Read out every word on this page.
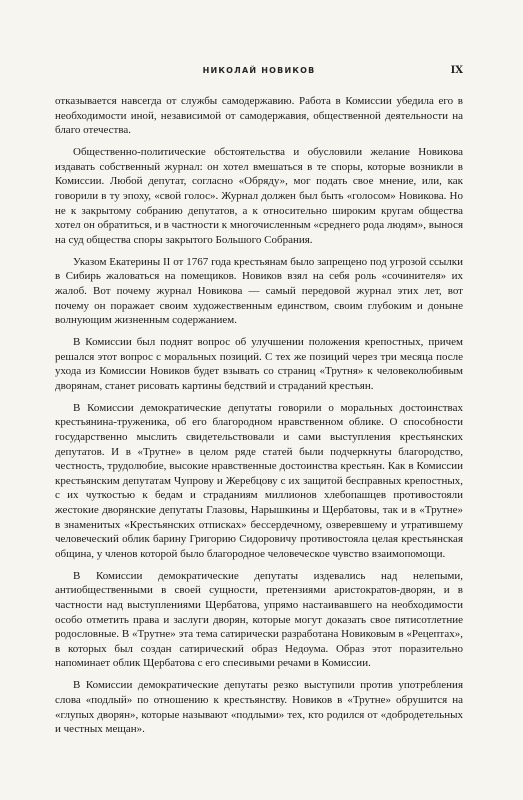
НИКОЛАЙ НОВИКОВ	IX

отказывается навсегда от службы самодержавию. Работа в Комиссии убедила его в необходимости иной, независимой от самодержавия, общественной деятельности на благо отечества.

Общественно-политические обстоятельства и обусловили желание Новикова издавать собственный журнал: он хотел вмешаться в те споры, которые возникли в Комиссии. Любой депутат, согласно «Обряду», мог подать свое мнение, или, как говорили в ту эпоху, «свой голос». Журнал должен был быть «голосом» Новикова. Но не к закрытому собранию депутатов, а к относительно широким кругам общества хотел он обратиться, и в частности к многочисленным «среднего рода людям», вынося на суд общества споры закрытого Большого Собрания.

Указом Екатерины II от 1767 года крестьянам было запрещено под угрозой ссылки в Сибирь жаловаться на помещиков. Новиков взял на себя роль «сочинителя» их жалоб. Вот почему журнал Новикова — самый передовой журнал этих лет, вот почему он поражает своим художественным единством, своим глубоким и доныне волнующим жизненным содержанием.

В Комиссии был поднят вопрос об улучшении положения крепостных, причем решался этот вопрос с моральных позиций. С тех же позиций через три месяца после ухода из Комиссии Новиков будет взывать со страниц «Трутня» к человеколюбивым дворянам, станет рисовать картины бедствий и страданий крестьян.

В Комиссии демократические депутаты говорили о моральных достоинствах крестьянина-труженика, об его благородном нравственном облике. О способности государственно мыслить свидетельствовали и сами выступления крестьянских депутатов. И в «Трутне» в целом ряде статей были подчеркнуты благородство, честность, трудолюбие, высокие нравственные достоинства крестьян. Как в Комиссии крестьянским депутатам Чупрову и Жеребцову с их защитой бесправных крепостных, с их чуткостью к бедам и страданиям миллионов хлебопашцев противостояли жестокие дворянские депутаты Глазовы, Нарышкины и Щербатовы, так и в «Трутне» в знаменитых «Крестьянских отписках» бессердечному, озверевшему и утратившему человеческий облик барину Григорию Сидоровичу противостояла целая крестьянская община, у членов которой было благородное человеческое чувство взаимопомощи.

В Комиссии демократические депутаты издевались над нелепыми, антиобщественными в своей сущности, претензиями аристократов-дворян, и в частности над выступлениями Щербатова, упрямо настаивавшего на необходимости особо отметить права и заслуги дворян, которые могут доказать свое пятисотлетние родословные. В «Трутне» эта тема сатирически разработана Новиковым в «Рецептах», в которых был создан сатирический образ Недоума. Образ этот поразительно напоминает облик Щербатова с его спесивыми речами в Комиссии.

В Комиссии демократические депутаты резко выступили против употребления слова «подлый» по отношению к крестьянству. Новиков в «Трутне» обрушится на «глупых дворян», которые называют «подлыми» тех, кто родился от «добродетельных и честных мещан».
